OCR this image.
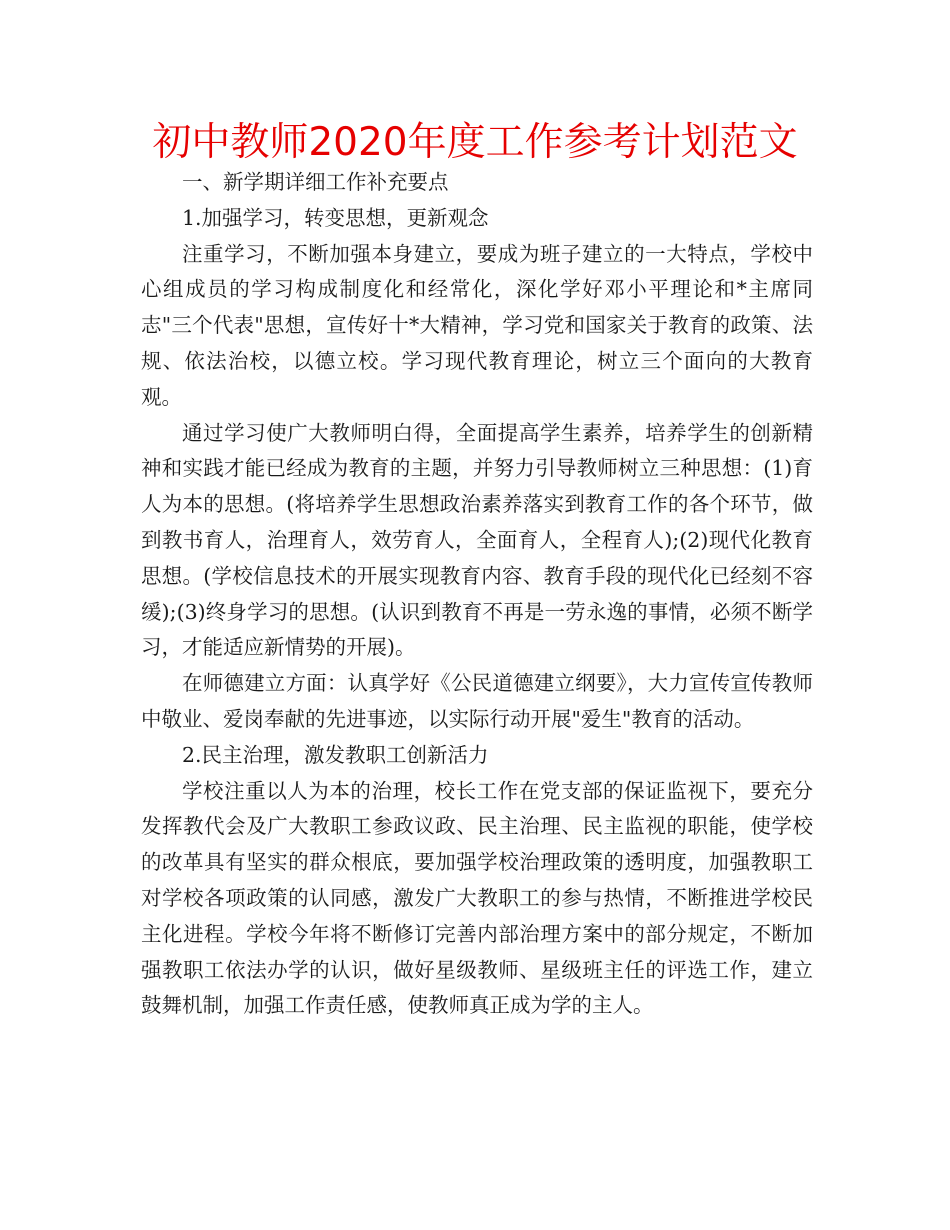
初中教师2020年度工作参考计划范文

一、新学期详细工作补充要点

1.加强学习，转变思想，更新观念

注重学习，不断加强本身建立，要成为班子建立的一大特点，学校中心组成员的学习构成制度化和经常化，深化学好邓小平理论和*主席同志"三个代表"思想，宣传好十*大精神，学习党和国家关于教育的政策、法规、依法治校，以德立校。学习现代教育理论，树立三个面向的大教育观。

通过学习使广大教师明白得，全面提高学生素养，培养学生的创新精神和实践才能已经成为教育的主题，并努力引导教师树立三种思想：(1)育人为本的思想。(将培养学生思想政治素养落实到教育工作的各个环节，做到教书育人，治理育人，效劳育人，全面育人，全程育人);(2)现代化教育思想。(学校信息技术的开展实现教育内容、教育手段的现代化已经刻不容缓);(3)终身学习的思想。(认识到教育不再是一劳永逸的事情，必须不断学习，才能适应新情势的开展)。

在师德建立方面：认真学好《公民道德建立纲要》，大力宣传宣传教师中敬业、爱岗奉献的先进事迹，以实际行动开展"爱生"教育的活动。

2.民主治理，激发教职工创新活力

学校注重以人为本的治理，校长工作在党支部的保证监视下，要充分发挥教代会及广大教职工参政议政、民主治理、民主监视的职能，使学校的改革具有坚实的群众根底，要加强学校治理政策的透明度，加强教职工对学校各项政策的认同感，激发广大教职工的参与热情，不断推进学校民主化进程。学校今年将不断修订完善内部治理方案中的部分规定，不断加强教职工依法办学的认识，做好星级教师、星级班主任的评选工作，建立鼓舞机制，加强工作责任感，使教师真正成为学的主人。
